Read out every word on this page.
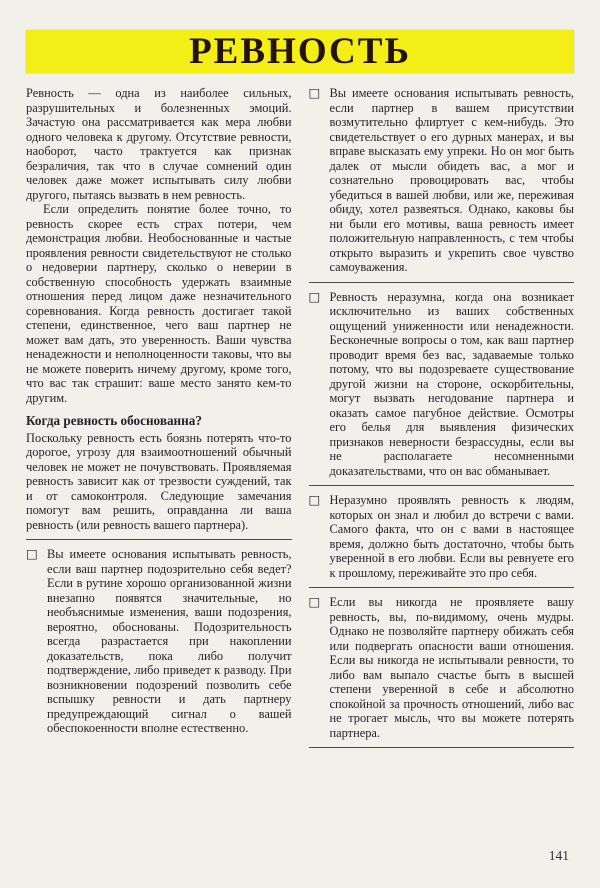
РЕВНОСТЬ

Ревность — одна из наиболее сильных, разрушительных и болезненных эмоций. Зачастую она рассматривается как мера любви одного человека к другому. Отсутствие ревности, наоборот, часто трактуется как признак безраличия, так что в случае сомнений один человек даже может испытывать силу любви другого, пытаясь вызвать в нем ревность.

Если определить понятие более точно, то ревность скорее есть страх потери, чем демонстрация любви. Необоснованные и частые проявления ревности свидетельствуют не столько о недоверии партнеру, сколько о неверии в собственную способность удержать взаимные отношения перед лицом даже незначительного соревнования. Когда ревность достигает такой степени, единственное, чего ваш партнер не может вам дать, это уверенность. Ваши чувства ненадежности и неполноценности таковы, что вы не можете поверить ничему другому, кроме того, что вас так страшит: ваше место занято кем-то другим.

Когда ревность обоснованна?

Поскольку ревность есть боязнь потерять что-то дорогое, угрозу для взаимоотношений обычный человек не может не почувствовать. Проявляемая ревность зависит как от трезвости суждений, так и от самоконтроля. Следующие замечания помогут вам решить, оправданна ли ваша ревность (или ревность вашего партнера).

□ Вы имеете основания испытывать ревность, если ваш партнер подозрительно себя ведет? Если в рутине хорошо организованной жизни внезапно появятся значительные, но необъяснимые изменения, ваши подозрения, вероятно, обоснованы. Подозрительность всегда разрастается при накоплении доказательств, пока либо получит подтверждение, либо приведет к разводу. При возникновении подозрений позволить себе вспышку ревности и дать партнеру предупреждающий сигнал о вашей обеспокоенности вполне естественно.
□ Вы имеете основания испытывать ревность, если партнер в вашем присутствии возмутительно флиртует с кем-нибудь. Это свидетельствует о его дурных манерах, и вы вправе высказать ему упреки. Но он мог быть далек от мысли обидеть вас, а мог и сознательно провоцировать вас, чтобы убедиться в вашей любви, или же, переживая обиду, хотел развеяться. Однако, каковы бы ни были его мотивы, ваша ревность имеет положительную направленность, с тем чтобы открыто выразить и укрепить свое чувство самоуважения.
□ Ревность неразумна, когда она возникает исключительно из ваших собственных ощущений униженности или ненадежности. Бесконечные вопросы о том, как ваш партнер проводит время без вас, задаваемые только потому, что вы подозреваете существование другой жизни на стороне, оскорбительны, могут вызвать негодование партнера и оказать самое пагубное действие. Осмотры его белья для выявления физических признаков неверности безрассудны, если вы не располагаете несомненными доказательствами, что он вас обманывает.
□ Неразумно проявлять ревность к людям, которых он знал и любил до встречи с вами. Самого факта, что он с вами в настоящее время, должно быть достаточно, чтобы быть уверенной в его любви. Если вы ревнуете его к прошлому, переживайте это про себя.
□ Если вы никогда не проявляете вашу ревность, вы, по-видимому, очень мудры. Однако не позволяйте партнеру обижать себя или подвергать опасности ваши отношения. Если вы никогда не испытывали ревности, то либо вам выпало счастье быть в высшей степени уверенной в себе и абсолютно спокойной за прочность отношений, либо вас не трогает мысль, что вы можете потерять партнера.
141
